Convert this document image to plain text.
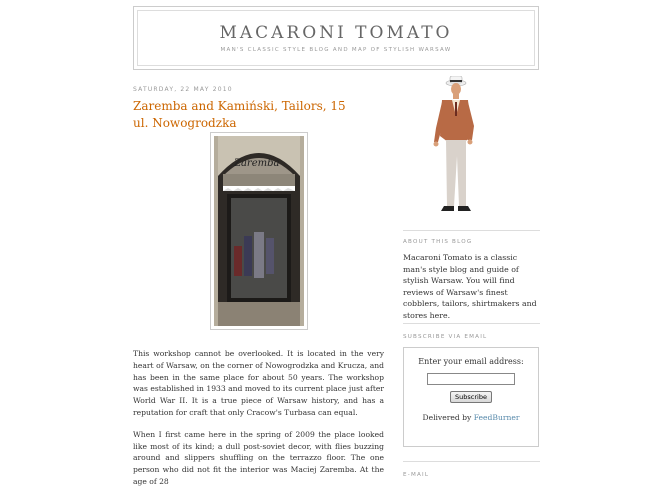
MACARONI TOMATO
MAN'S CLASSIC STYLE BLOG AND MAP OF STYLISH WARSAW
SATURDAY, 22 MAY 2010
Zaremba and Kamiński, Tailors, 15 ul. Nowogrodzka
Zaremba

This workshop cannot be overlooked. It is located in the very heart of Warsaw, on the corner of Nowogrodzka and Krucza, and has been in the same place for about 50 years. The workshop was established in 1933 and moved to its current place just after World War II. It is a true piece of Warsaw history, and has a reputation for craft that only Cracow's Turbasa can equal.

When I first came here in the spring of 2009 the place looked like most of its kind; a dull post-soviet decor, with flies buzzing around and slippers shuffling on the terrazzo floor. The one person who did not fit the interior was Maciej Zaremba. At the age of 28

ABOUT THIS BLOG
Macaroni Tomato is a classic man's style blog and guide of stylish Warsaw. You will find reviews of Warsaw's finest cobblers, tailors, shirtmakers and stores here.
SUBSCRIBE VIA EMAIL
Enter your email address:
Subscribe
Delivered by FeedBurner
E-MAIL
